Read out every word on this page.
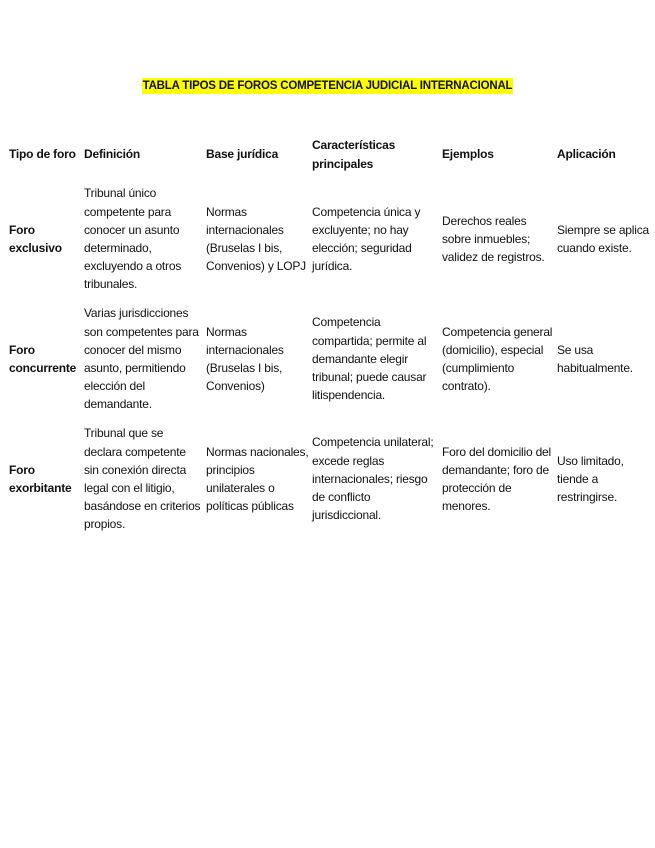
TABLA TIPOS DE FOROS COMPETENCIA JUDICIAL INTERNACIONAL
Tipo de foro	Definición	Base jurídica	Características principales	Ejemplos	Aplicación
Foro exclusivo	Tribunal único competente para conocer un asunto determinado, excluyendo a otros tribunales.	Normas internacionales (Bruselas I bis, Convenios) y LOPJ	Competencia única y excluyente; no hay elección; seguridad jurídica.	Derechos reales sobre inmuebles; validez de registros.	Siempre se aplica cuando existe.
Foro concurrente	Varias jurisdicciones son competentes para conocer del mismo asunto, permitiendo elección del demandante.	Normas internacionales (Bruselas I bis, Convenios)	Competencia compartida; permite al demandante elegir tribunal; puede causar litispendencia.	Competencia general (domicilio), especial (cumplimiento contrato).	Se usa habitualmente.
Foro exorbitante	Tribunal que se declara competente sin conexión directa legal con el litigio, basándose en criterios propios.	Normas nacionales, principios unilaterales o políticas públicas	Competencia unilateral; excede reglas internacionales; riesgo de conflicto jurisdiccional.	Foro del domicilio del demandante; foro de protección de menores.	Uso limitado, tiende a restringirse.
